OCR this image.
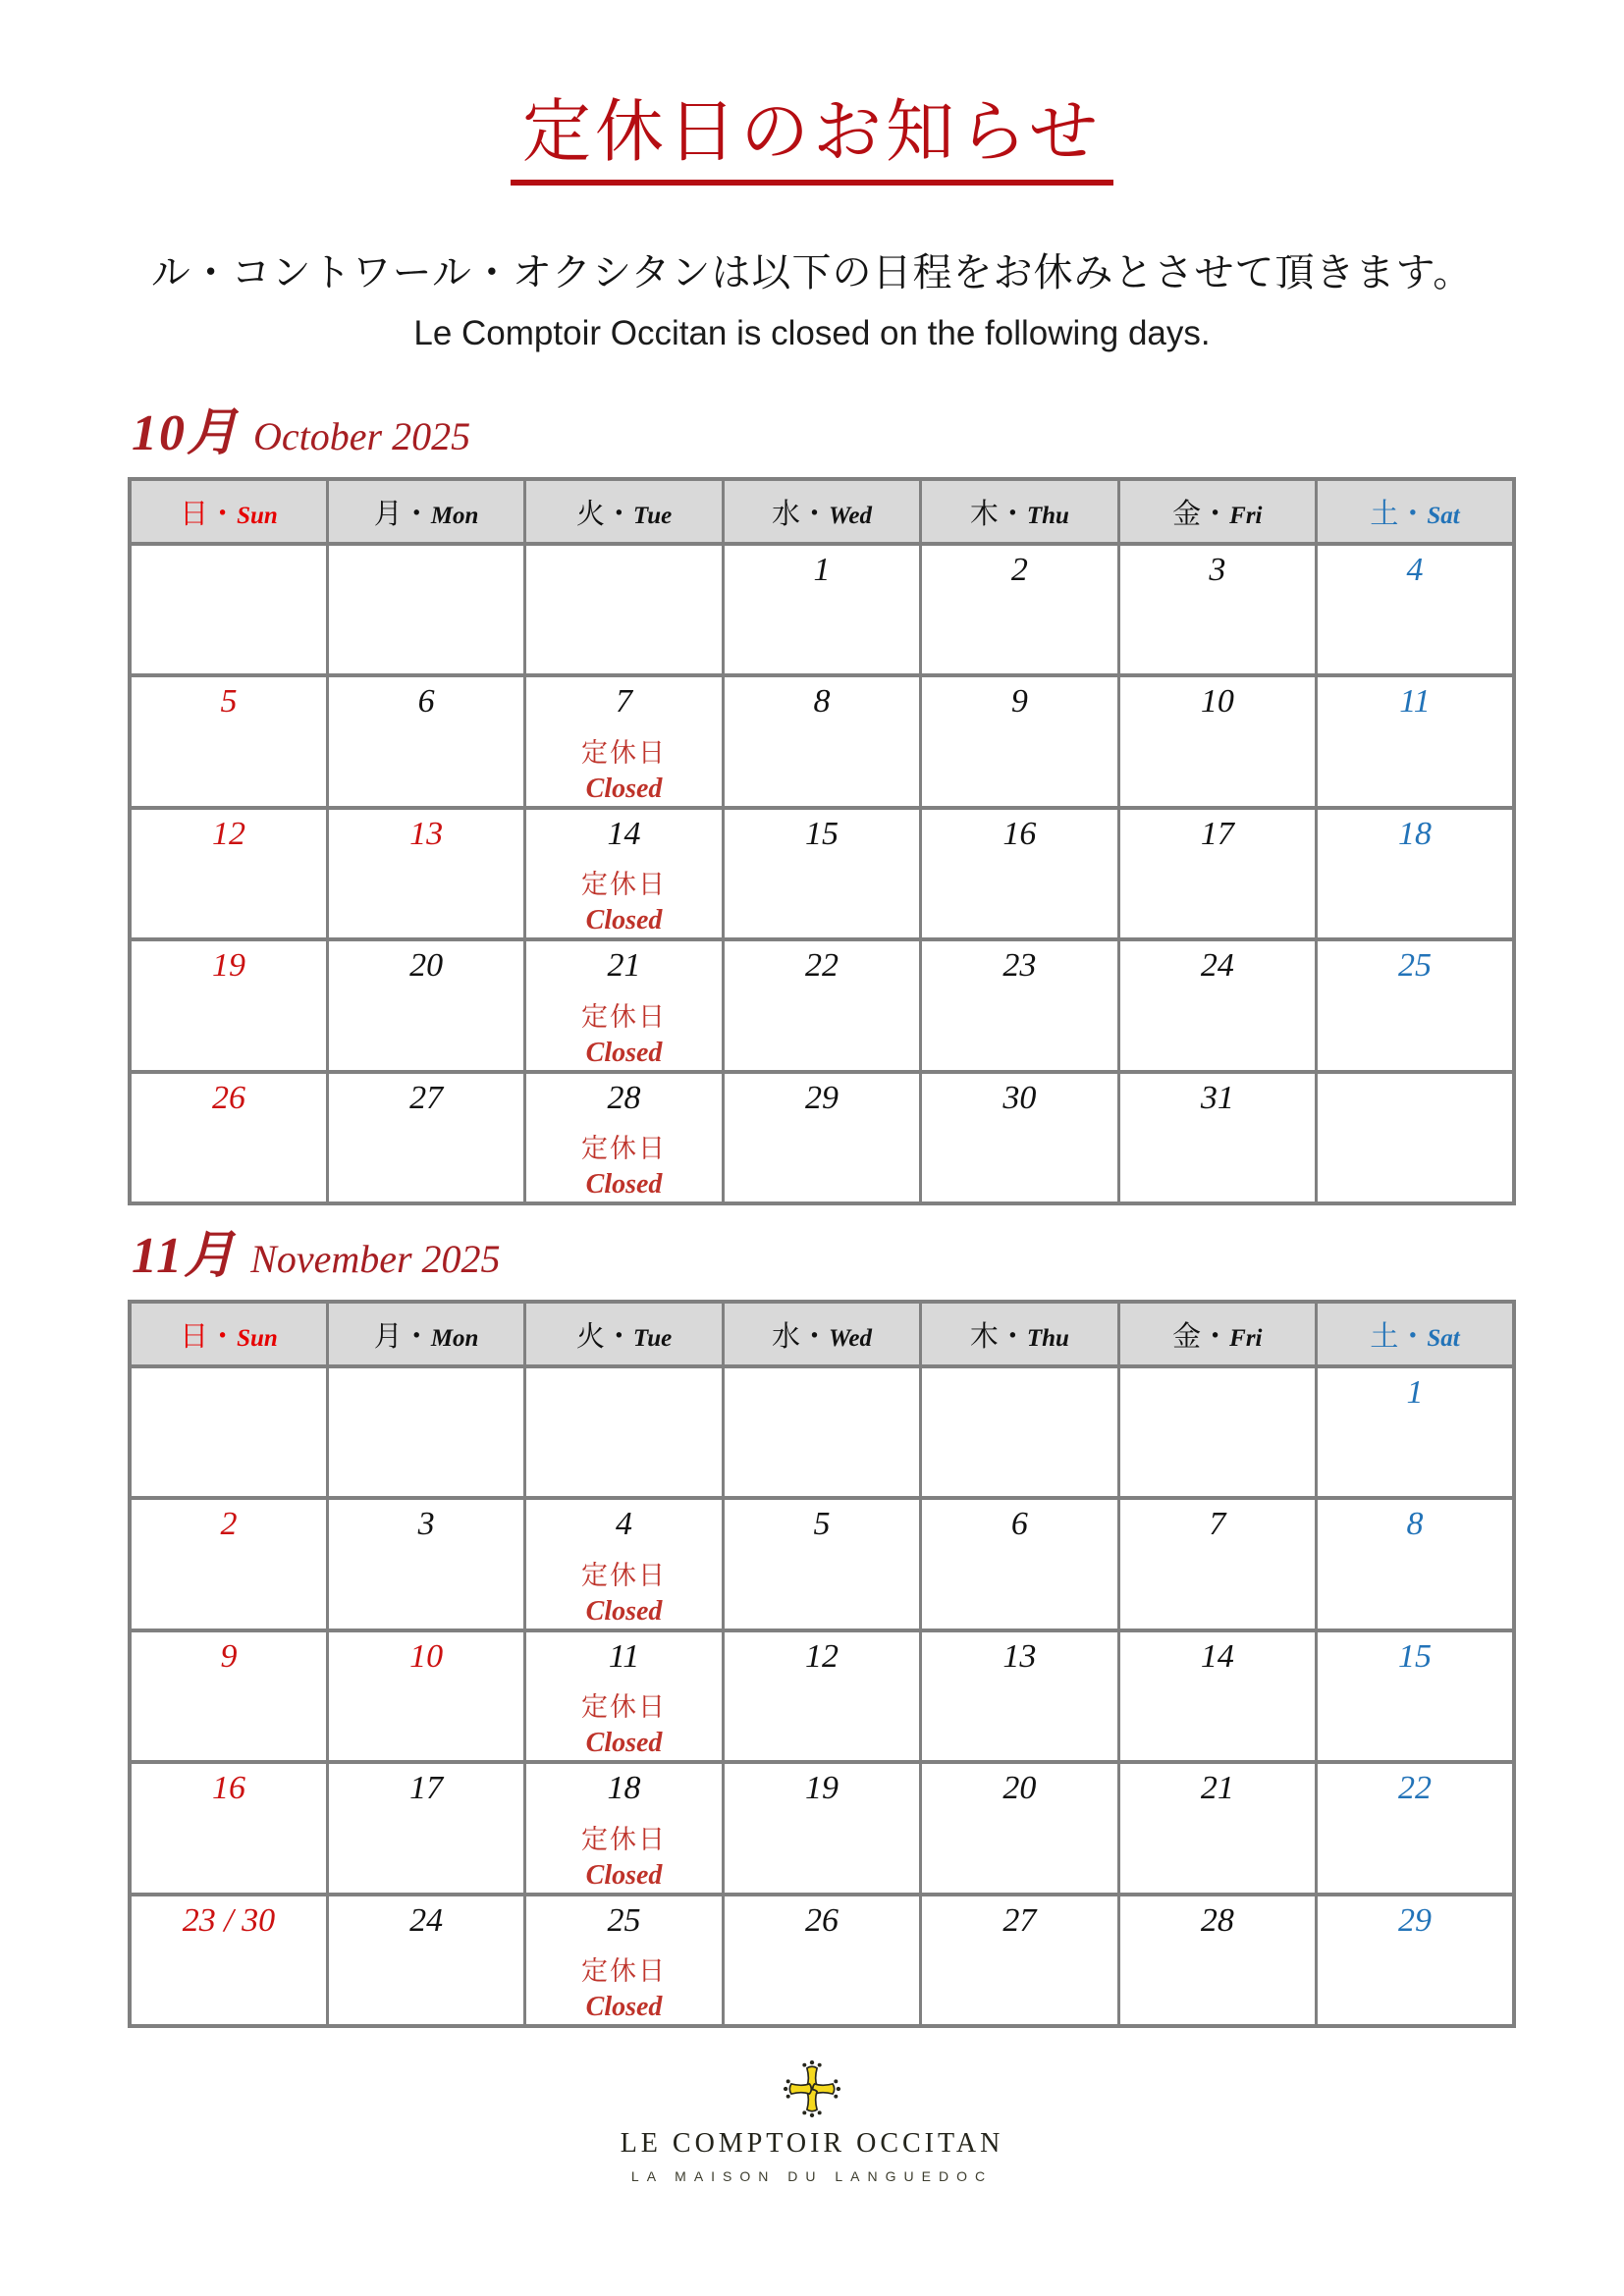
定休日のお知らせ
ル・コントワール・オクシタンは以下の日程をお休みとさせて頂きます。
Le Comptoir Occitan is closed on the following days.
10月 October 2025
日・Sun	月・Mon	火・Tue	水・Wed	木・Thu	金・Fri	土・Sat

			1	2	3	4

5	6	7
定休日
Closed	8	9	10	11

12	13	14
定休日
Closed	15	16	17	18

19	20	21
定休日
Closed	22	23	24	25

26	27	28
定休日
Closed	29	30	31	

11月 November 2025
日・Sun	月・Mon	火・Tue	水・Wed	木・Thu	金・Fri	土・Sat

						1

2	3	4
定休日
Closed	5	6	7	8

9	10	11
定休日
Closed	12	13	14	15

16	17	18
定休日
Closed	19	20	21	22

23 / 30	24	25
定休日
Closed	26	27	28	29
LE COMPTOIR OCCITAN
LA MAISON DU LANGUEDOC
